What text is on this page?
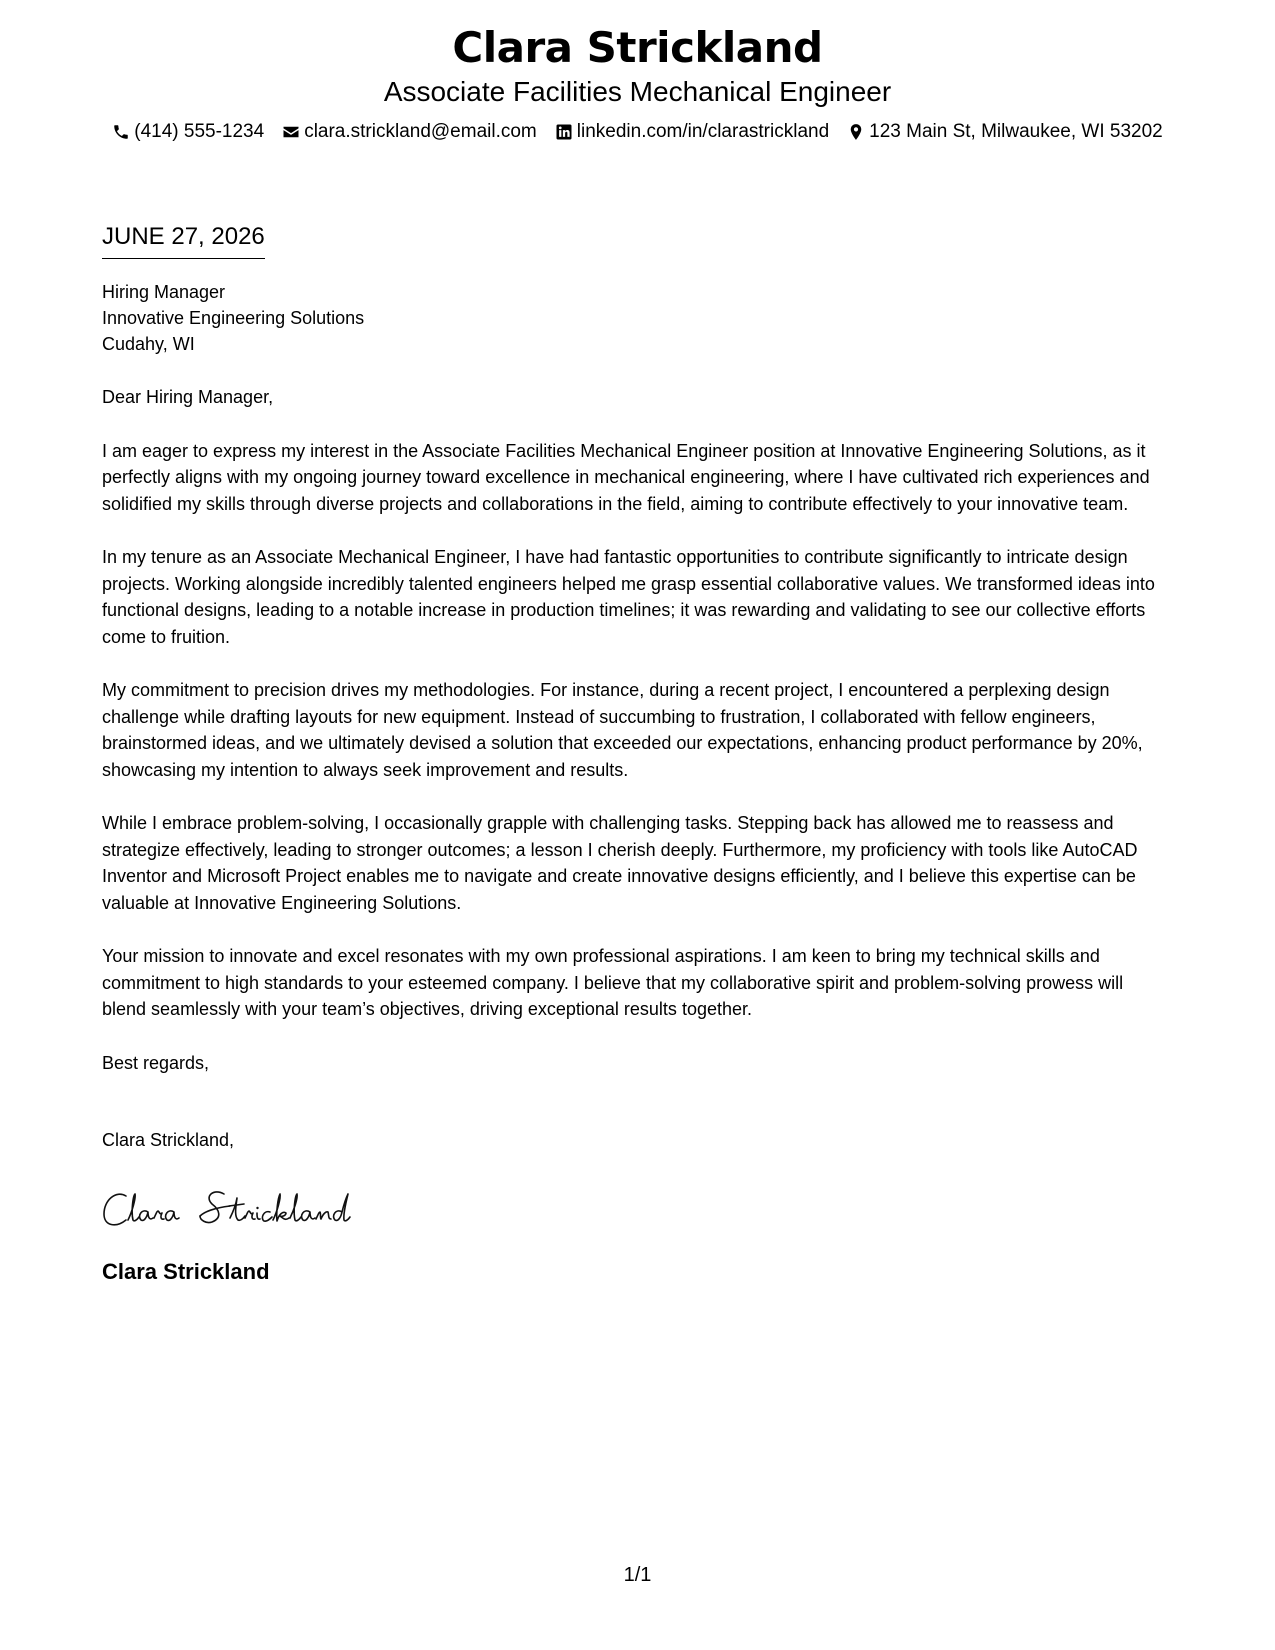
Clara Strickland
Associate Facilities Mechanical Engineer
(414) 555-1234 clara.strickland@email.com linkedin.com/in/clarastrickland 123 Main St, Milwaukee, WI 53202
JUNE 27, 2026
Hiring Manager
Innovative Engineering Solutions
Cudahy, WI
Dear Hiring Manager,
I am eager to express my interest in the Associate Facilities Mechanical Engineer position at Innovative Engineering Solutions, as it perfectly aligns with my ongoing journey toward excellence in mechanical engineering, where I have cultivated rich experiences and solidified my skills through diverse projects and collaborations in the field, aiming to contribute effectively to your innovative team.
In my tenure as an Associate Mechanical Engineer, I have had fantastic opportunities to contribute significantly to intricate design projects. Working alongside incredibly talented engineers helped me grasp essential collaborative values. We transformed ideas into functional designs, leading to a notable increase in production timelines; it was rewarding and validating to see our collective efforts come to fruition.
My commitment to precision drives my methodologies. For instance, during a recent project, I encountered a perplexing design challenge while drafting layouts for new equipment. Instead of succumbing to frustration, I collaborated with fellow engineers, brainstormed ideas, and we ultimately devised a solution that exceeded our expectations, enhancing product performance by 20%, showcasing my intention to always seek improvement and results.
While I embrace problem-solving, I occasionally grapple with challenging tasks. Stepping back has allowed me to reassess and strategize effectively, leading to stronger outcomes; a lesson I cherish deeply. Furthermore, my proficiency with tools like AutoCAD Inventor and Microsoft Project enables me to navigate and create innovative designs efficiently, and I believe this expertise can be valuable at Innovative Engineering Solutions.
Your mission to innovate and excel resonates with my own professional aspirations. I am keen to bring my technical skills and commitment to high standards to your esteemed company. I believe that my collaborative spirit and problem-solving prowess will blend seamlessly with your team’s objectives, driving exceptional results together.
Best regards,
Clara Strickland,
Clara Strickland
1/1
